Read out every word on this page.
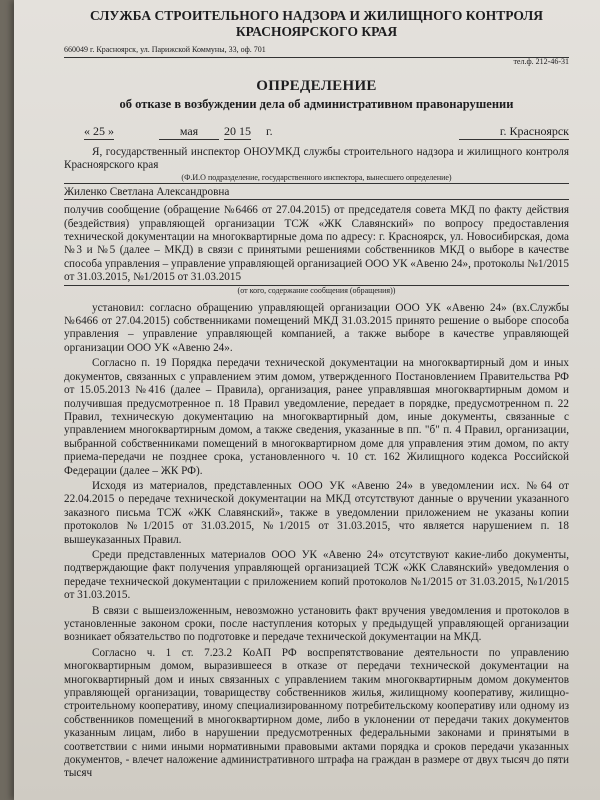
СЛУЖБА СТРОИТЕЛЬНОГО НАДЗОРА И ЖИЛИЩНОГО КОНТРОЛЯ
КРАСНОЯРСКОГО КРАЯ
660049 г. Красноярск, ул. Парижской Коммуны, 33, оф. 701
тел.ф. 212-46-31
ОПРЕДЕЛЕНИЕ
об отказе в возбуждении дела об административном правонарушении
« 25 »	мая	20 15 г.	г. Красноярск
Я, государственный инспектор ОНОУМКД службы строительного надзора и жилищного контроля Красноярского края
(Ф.И.О подразделение, государственного инспектора, вынесшего определение)
Жиленко Светлана Александровна
получив сообщение (обращение №6466 от 27.04.2015) от председателя совета МКД по факту действия (бездействия) управляющей организации ТСЖ «ЖК Славянский» по вопросу предоставления технической документации на многоквартирные дома по адресу: г. Красноярск, ул. Новосибирская, дома №3 и №5 (далее – МКД) в связи с принятыми решениями собственников МКД о выборе в качестве способа управления – управление управляющей организацией ООО УК «Авеню 24», протоколы №1/2015 от 31.03.2015, №1/2015 от 31.03.2015
(от кого, содержание сообщения (обращения))
установил: согласно обращению управляющей организации ООО УК «Авеню 24» (вх.Службы №6466 от 27.04.2015) собственниками помещений МКД 31.03.2015 принято решение о выборе способа управления – управление управляющей компанией, а также выборе в качестве управляющей организации ООО УК «Авеню 24».
Согласно п. 19 Порядка передачи технической документации на многоквартирный дом и иных документов, связанных с управлением этим домом, утвержденного Постановлением Правительства РФ от 15.05.2013 №416 (далее – Правила), организация, ранее управлявшая многоквартирным домом и получившая предусмотренное п. 18 Правил уведомление, передает в порядке, предусмотренном п. 22 Правил, техническую документацию на многоквартирный дом, иные документы, связанные с управлением многоквартирным домом, а также сведения, указанные в пп. "б" п. 4 Правил, организации, выбранной собственниками помещений в многоквартирном доме для управления этим домом, по акту приема-передачи не позднее срока, установленного ч. 10 ст. 162 Жилищного кодекса Российской Федерации (далее – ЖК РФ).
Исходя из материалов, представленных ООО УК «Авеню 24» в уведомлении исх. №64 от 22.04.2015 о передаче технической документации на МКД отсутствуют данные о вручении указанного заказного письма ТСЖ «ЖК Славянский», также в уведомлении приложением не указаны копии протоколов №1/2015 от 31.03.2015, №1/2015 от 31.03.2015, что является нарушением п. 18 вышеуказанных Правил.
Среди представленных материалов ООО УК «Авеню 24» отсутствуют какие-либо документы, подтверждающие факт получения управляющей организацией ТСЖ «ЖК Славянский» уведомления о передаче технической документации с приложением копий протоколов №1/2015 от 31.03.2015, №1/2015 от 31.03.2015.
В связи с вышеизложенным, невозможно установить факт вручения уведомления и протоколов в установленные законом сроки, после наступления которых у предыдущей управляющей организации возникает обязательство по подготовке и передаче технической документации на МКД.
Согласно ч. 1 ст. 7.23.2 КоАП РФ воспрепятствование деятельности по управлению многоквартирным домом, выразившееся в отказе от передачи технической документации на многоквартирный дом и иных связанных с управлением таким многоквартирным домом документов управляющей организации, товариществу собственников жилья, жилищному кооперативу, жилищно-строительному кооперативу, иному специализированному потребительскому кооперативу или одному из собственников помещений в многоквартирном доме, либо в уклонении от передачи таких документов указанным лицам, либо в нарушении предусмотренных федеральными законами и принятыми в соответствии с ними иными нормативными правовыми актами порядка и сроков передачи указанных документов, - влечет наложение административного штрафа на граждан в размере от двух тысяч до пяти тысяч
